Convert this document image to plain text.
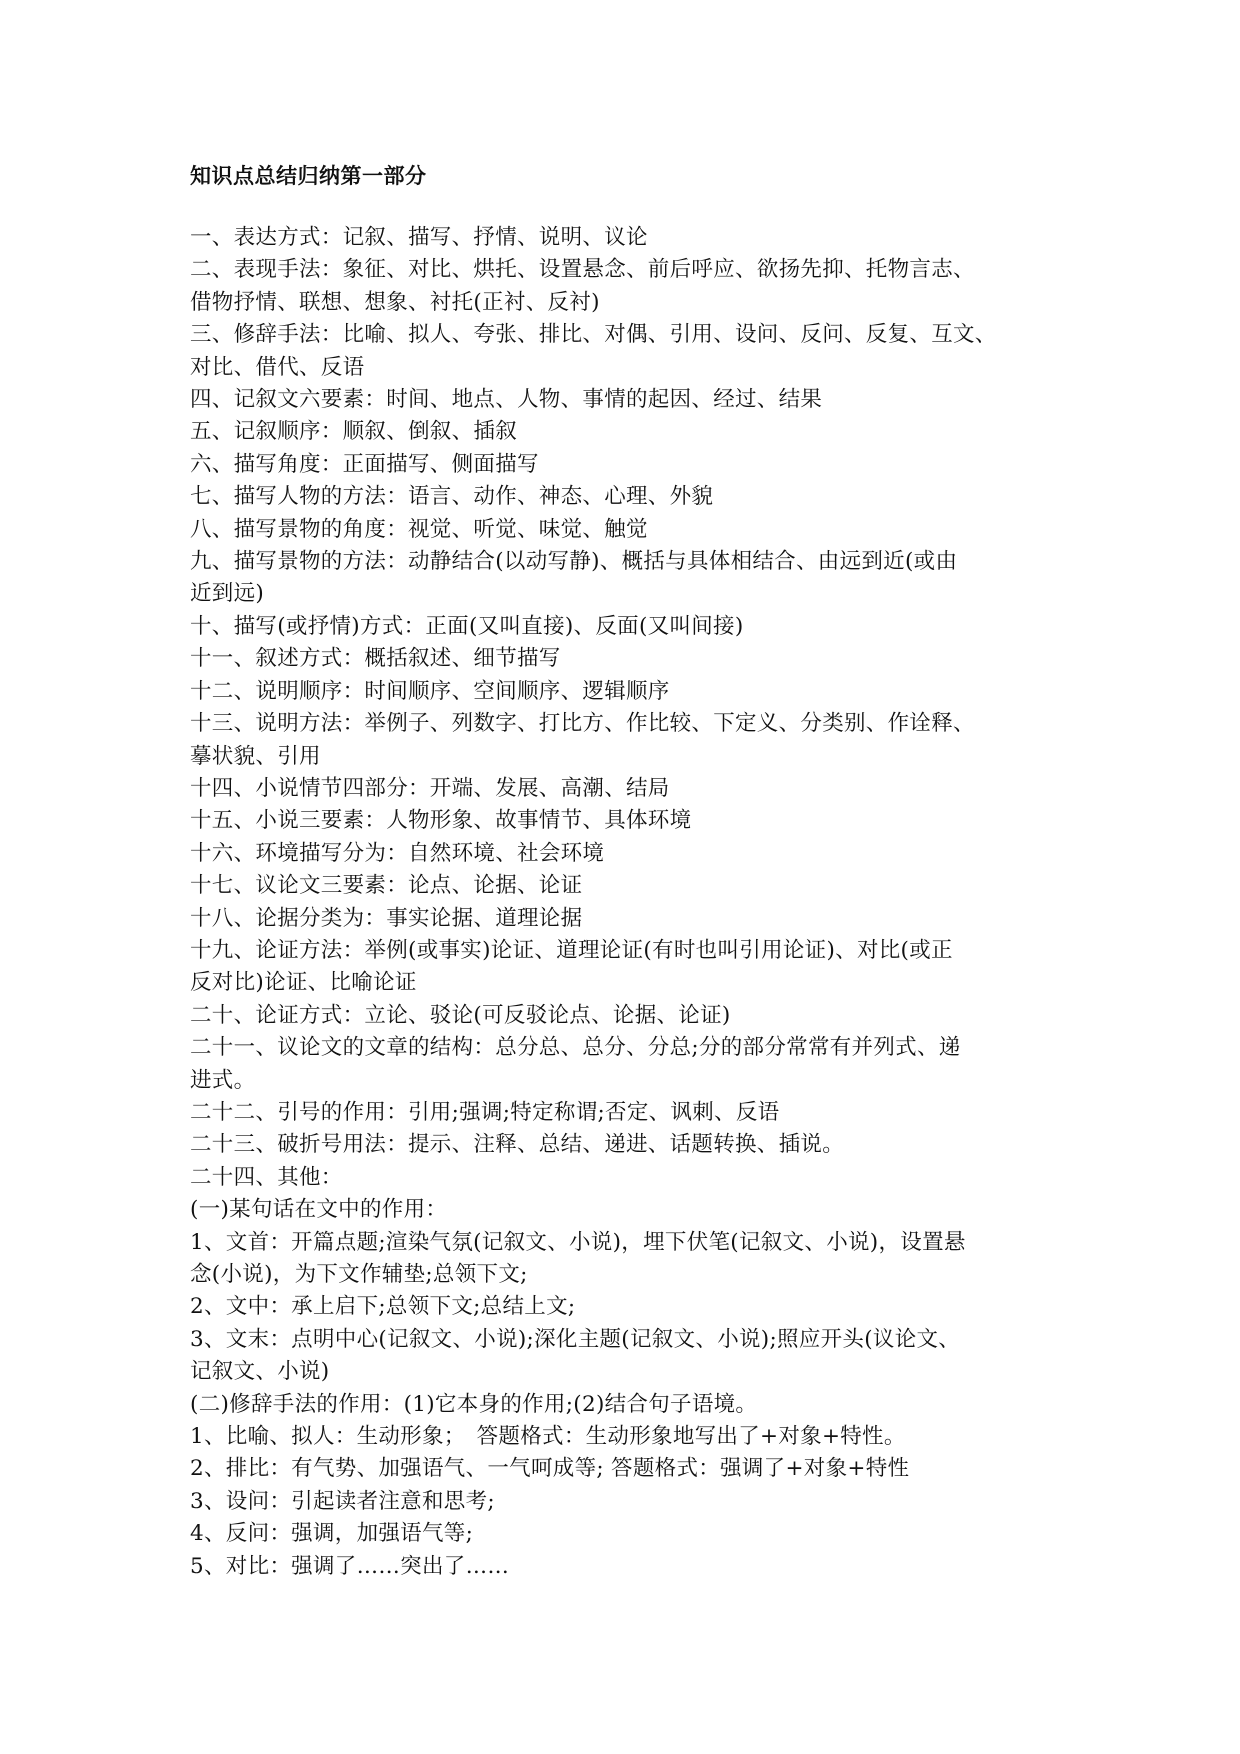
知识点总结归纳第一部分
一、表达方式：记叙、描写、抒情、说明、议论
二、表现手法：象征、对比、烘托、设置悬念、前后呼应、欲扬先抑、托物言志、
借物抒情、联想、想象、衬托(正衬、反衬)
三、修辞手法：比喻、拟人、夸张、排比、对偶、引用、设问、反问、反复、互文、
对比、借代、反语
四、记叙文六要素：时间、地点、人物、事情的起因、经过、结果
五、记叙顺序：顺叙、倒叙、插叙
六、描写角度：正面描写、侧面描写
七、描写人物的方法：语言、动作、神态、心理、外貌
八、描写景物的角度：视觉、听觉、味觉、触觉
九、描写景物的方法：动静结合(以动写静)、概括与具体相结合、由远到近(或由
近到远)
十、描写(或抒情)方式：正面(又叫直接)、反面(又叫间接)
十一、叙述方式：概括叙述、细节描写
十二、说明顺序：时间顺序、空间顺序、逻辑顺序
十三、说明方法：举例子、列数字、打比方、作比较、下定义、分类别、作诠释、
摹状貌、引用
十四、小说情节四部分：开端、发展、高潮、结局
十五、小说三要素：人物形象、故事情节、具体环境
十六、环境描写分为：自然环境、社会环境
十七、议论文三要素：论点、论据、论证
十八、论据分类为：事实论据、道理论据
十九、论证方法：举例(或事实)论证、道理论证(有时也叫引用论证)、对比(或正
反对比)论证、比喻论证
二十、论证方式：立论、驳论(可反驳论点、论据、论证)
二十一、议论文的文章的结构：总分总、总分、分总;分的部分常常有并列式、递
进式。
二十二、引号的作用：引用;强调;特定称谓;否定、讽刺、反语
二十三、破折号用法：提示、注释、总结、递进、话题转换、插说。
二十四、其他：
(一)某句话在文中的作用：
1、文首：开篇点题;渲染气氛(记叙文、小说)，埋下伏笔(记叙文、小说)，设置悬
念(小说)，为下文作辅垫;总领下文;
2、文中：承上启下;总领下文;总结上文;
3、文末：点明中心(记叙文、小说);深化主题(记叙文、小说);照应开头(议论文、
记叙文、小说)
(二)修辞手法的作用：(1)它本身的作用;(2)结合句子语境。
1、比喻、拟人：生动形象；　答题格式：生动形象地写出了+对象+特性。
2、排比：有气势、加强语气、一气呵成等; 答题格式：强调了+对象+特性
3、设问：引起读者注意和思考;
4、反问：强调，加强语气等;
5、对比：强调了……突出了……
